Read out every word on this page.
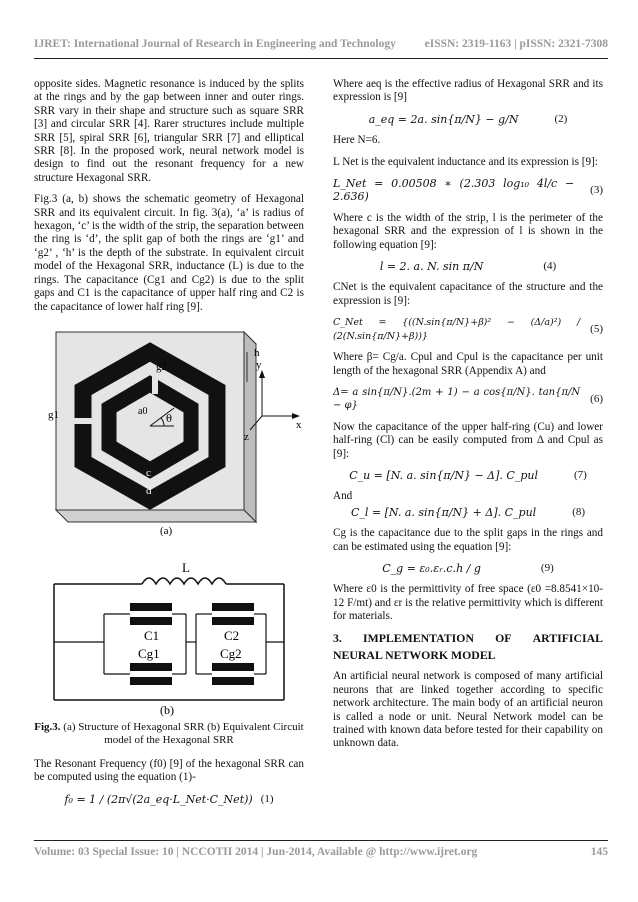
IJRET: International Journal of Research in Engineering and Technology	eISSN: 2319-1163 | pISSN: 2321-7308

opposite sides. Magnetic resonance is induced by the splits at the rings and by the gap between inner and outer rings. SRR vary in their shape and structure such as square SRR [3] and circular SRR [4]. Rarer structures include multiple SRR [5], spiral SRR [6], triangular SRR [7] and elliptical SRR [8]. In the proposed work, neural network model is design to find out the resonant frequency for a new structure Hexagonal SRR.

Fig.3 (a, b) shows the schematic geometry of Hexagonal SRR and its equivalent circuit. In fig. 3(a), ‘a’ is radius of hexagon, ‘c’ is the width of the strip, the separation between the ring is ‘d’, the split gap of both the rings are ‘g1’ and ‘g2’ , ‘h’ is the depth of the substrate. In equivalent circuit model of the Hexagonal SRR, inductance (L) is due to the rings. The capacitance (Cg1 and Cg2) is due to the split gaps and C1 is the capacitance of upper half ring and C2 is the capacitance of lower half ring [9].

h
g1
g2
a0
θ
c
d
y
x
z
(a)
L
C1	C2
Cg1	Cg2
(b)
Fig.3. (a) Structure of Hexagonal SRR (b) Equivalent Circuit model of the Hexagonal SRR

The Resonant Frequency (f0) [9] of the hexagonal SRR can be computed using the equation (1)-

f₀ = 1 / (2π√(2a_eq·L_Net·C_Net)) (1)

Where aeq is the effective radius of Hexagonal SRR and its expression is [9]

a_eq = 2a. sin{π/N} − g/N	(2)

Here N=6.

L Net is the equivalent inductance and its expression is [9]:

L_Net = 0.00508 ∗ (2.303 log₁₀ 4l/c − 2.636)
(3)

Where c is the width of the strip, l is the perimeter of the hexagonal SRR and the expression of l is shown in the following equation [9]:

l = 2. a. N. sin π/N	(4)

CNet is the equivalent capacitance of the structure and the expression is [9]:

C_Net = {((N.sin{π/N}+β)² − (Δ/a)²) / (2(N.sin{π/N}+β))}
(5)

Where β= Cg/a. Cpul and Cpul is the capacitance per unit length of the hexagonal SRR (Appendix A) and

Δ= a sin{π/N}.(2m + 1) − a cos{π/N}. tan{π/N − φ}
(6)

Now the capacitance of the upper half-ring (Cu) and lower half-ring (Cl) can be easily computed from Δ and Cpul as [9]:

C_u = [N. a. sin{π/N} − Δ]. C_pul	(7)

And

C_l = [N. a. sin{π/N} + Δ]. C_pul	(8)

Cg is the capacitance due to the split gaps in the rings and can be estimated using the equation [9]:

C_g = ε₀.εᵣ.c.h / g	(9)

Where ε0 is the permittivity of free space (ε0 =8.8541×10-12 F/mt) and εr is the relative permittivity which is different for materials.

3. IMPLEMENTATION OF ARTIFICIAL
NEURAL NETWORK MODEL

An artificial neural network is composed of many artificial neurons that are linked together according to specific network architecture. The main body of an artificial neuron is called a node or unit. Neural Network model can be trained with known data before tested for their capability on unknown data.

Volume: 03 Special Issue: 10 | NCCOTII 2014 | Jun-2014, Available @ http://www.ijret.org	145
